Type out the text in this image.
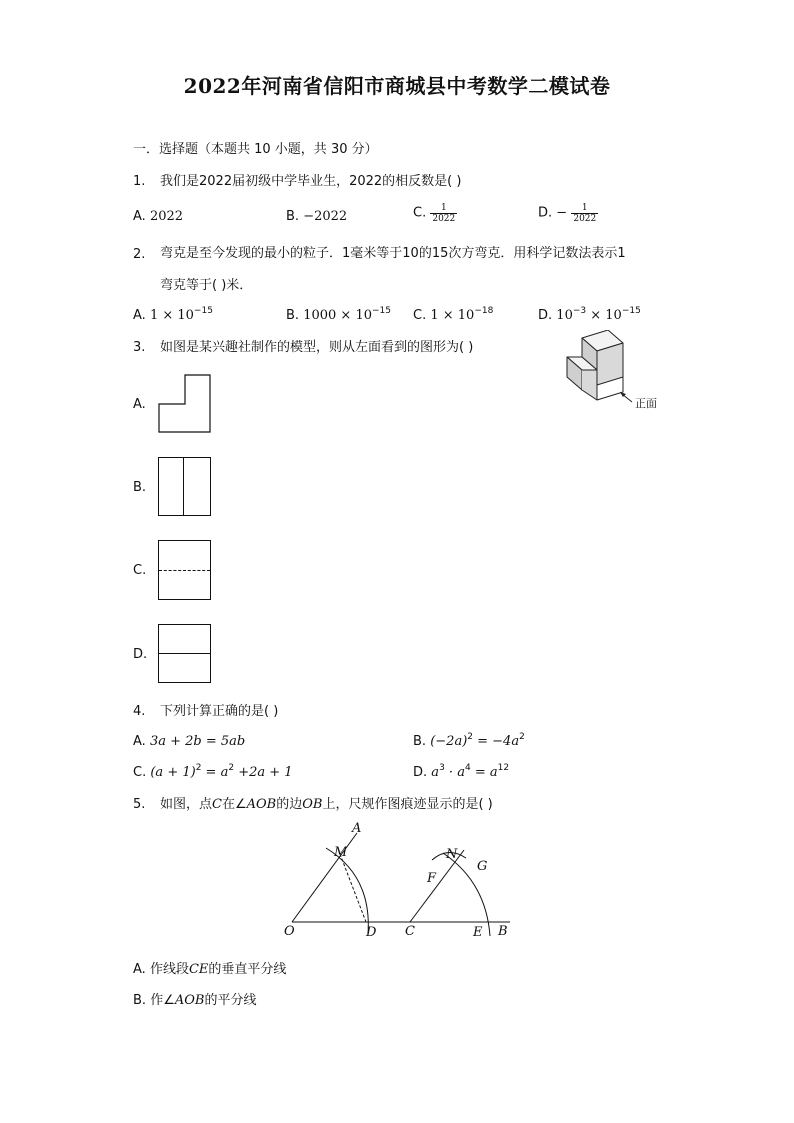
2022年河南省信阳市商城县中考数学二模试卷
一．选择题（本题共 10 小题，共 30 分）
1. 我们是2022届初级中学毕业生，2022的相反数是( )
A. 2022	B. −2022	C. $\frac{1}{2022}$	D. − $\frac{1}{2022}$
2. 弯克是至今发现的最小的粒子．1毫米等于10的15次方弯克．用科学记数法表示1
弯克等于( )米．
A. $1 \times 10^{-15}$	B. $1000 \times 10^{-15}$ C. $1 \times 10^{-18}$	D. $10^{-3} \times 10^{-15}$
3. 如图是某兴趣社制作的模型，则从左面看到的图形为( )
正面
A.
B.
C.
D.
4. 下列计算正确的是( )
A. 3a + 2b = 5ab	B. $(-2a)^2 = -4a^2$
C. $(a + 1)^2 = a^2 +2a + 1$	D. $a^3 \cdot a^4 = a^{12}$
5. 如图，点C在∠AOB的边OB上，尺规作图痕迹显示的是( )
A
M
O	D C
N
G
F
E B
A. 作线段CE的垂直平分线
B. 作∠AOB的平分线
